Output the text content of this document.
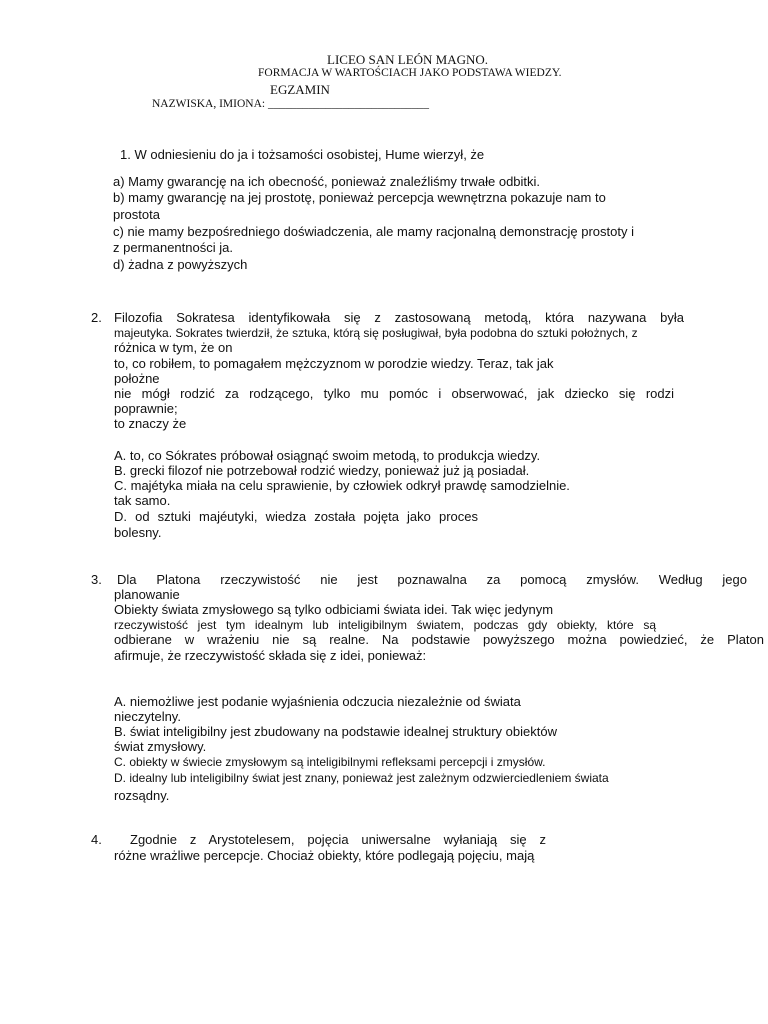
LICEO SAN LEÓN MAGNO.
FORMACJA W WARTOŚCIACH JAKO PODSTAWA WIEDZY.
EGZAMIN
NAZWISKA, IMIONA: ____________________________
1. W odniesieniu do ja i tożsamości osobistej, Hume wierzył, że
a) Mamy gwarancję na ich obecność, ponieważ znaleźliśmy trwałe odbitki.
b) mamy gwarancję na jej prostotę, ponieważ percepcja wewnętrzna pokazuje nam to
prostota
c) nie mamy bezpośredniego doświadczenia, ale mamy racjonalną demonstrację prostoty i
z permanentności ja.
d) żadna z powyższych
2. Filozofia Sokratesa identyfikowała się z zastosowaną metodą, która nazywana była
majeutyka. Sokrates twierdził, że sztuka, którą się posługiwał, była podobna do sztuki położnych, z
różnica w tym, że on
to, co robiłem, to pomagałem mężczyznom w porodzie wiedzy. Teraz, tak jak
położne
nie mógł rodzić za rodzącego, tylko mu pomóc i obserwować, jak dziecko się rodzi
poprawnie;
to znaczy że
A. to, co Sókrates próbował osiągnąć swoim metodą, to produkcja wiedzy.
B. grecki filozof nie potrzebował rodzić wiedzy, ponieważ już ją posiadał.
C. majétyka miała na celu sprawienie, by człowiek odkrył prawdę samodzielnie.
tak samo.
D. od sztuki majéutyki, wiedza została pojęta jako proces
bolesny.
3. Dla Platona rzeczywistość nie jest poznawalna za pomocą zmysłów. Według jego
planowanie
Obiekty świata zmysłowego są tylko odbiciami świata idei. Tak więc jedynym
rzeczywistość jest tym idealnym lub inteligibilnym światem, podczas gdy obiekty, które są
odbierane w wrażeniu nie są realne. Na podstawie powyższego można powiedzieć, że Platon
afirmuje, że rzeczywistość składa się z idei, ponieważ:
A. niemożliwe jest podanie wyjaśnienia odczucia niezależnie od świata
nieczytelny.
B. świat inteligibilny jest zbudowany na podstawie idealnej struktury obiektów
świat zmysłowy.
C. obiekty w świecie zmysłowym są inteligibilnymi refleksami percepcji i zmysłów.
D. idealny lub inteligibilny świat jest znany, ponieważ jest zależnym odzwierciedleniem świata
rozsądny.
4. Zgodnie z Arystotelesem, pojęcia uniwersalne wyłaniają się z
różne wrażliwe percepcje. Chociaż obiekty, które podlegają pojęciu, mają
